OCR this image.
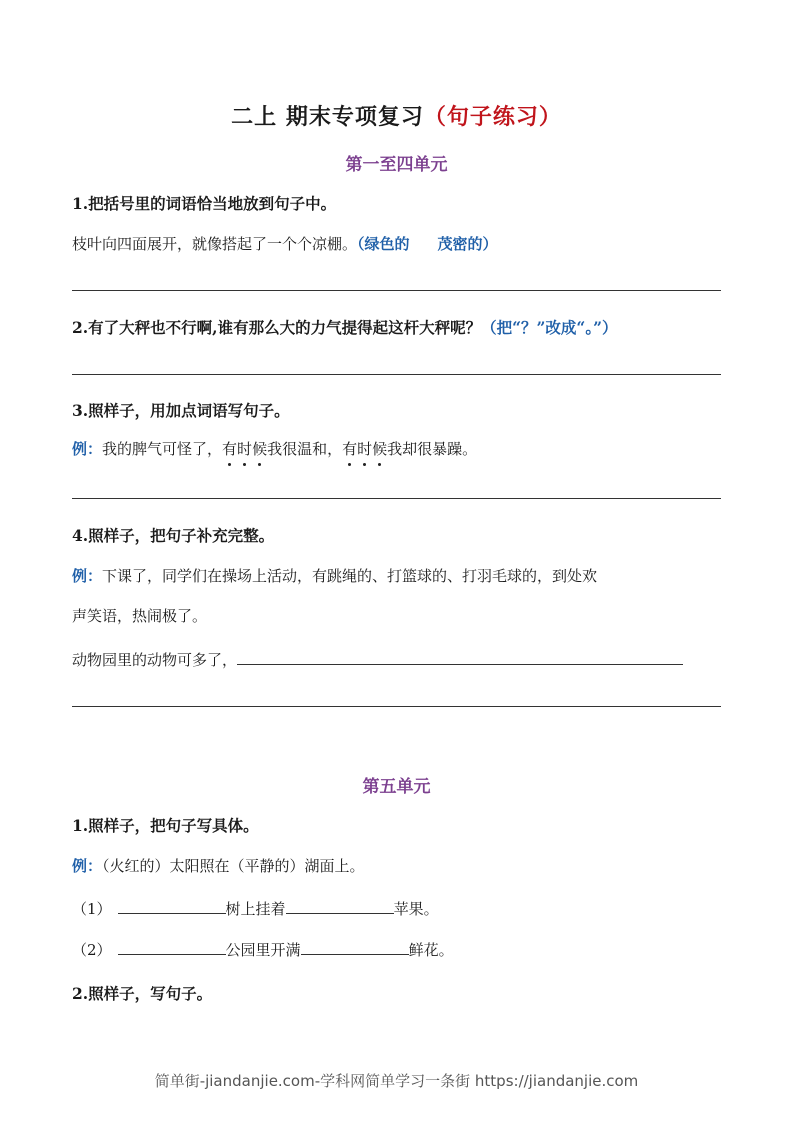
二上 期末专项复习（句子练习）
第一至四单元
1.把括号里的词语恰当地放到句子中。
枝叶向四面展开，就像搭起了一个个凉棚。（绿色的 茂密的）
2.有了大秤也不行啊,谁有那么大的力气提得起这杆大秤呢？（把“？”改成“。”）
3.照样子，用加点词语写句子。
例：我的脾气可怪了，有时候我很温和，有时候我却很暴躁。
4.照样子，把句子补充完整。
例：下课了，同学们在操场上活动，有跳绳的、打篮球的、打羽毛球的，到处欢
声笑语，热闹极了。
动物园里的动物可多了，
第五单元
1.照样子，把句子写具体。
例：（火红的）太阳照在（平静的）湖面上。
（1）	树上挂着	苹果。
（2）	公园里开满	鲜花。
2.照样子，写句子。
简单街-jiandanjie.com-学科网简单学习一条街 https://jiandanjie.com
